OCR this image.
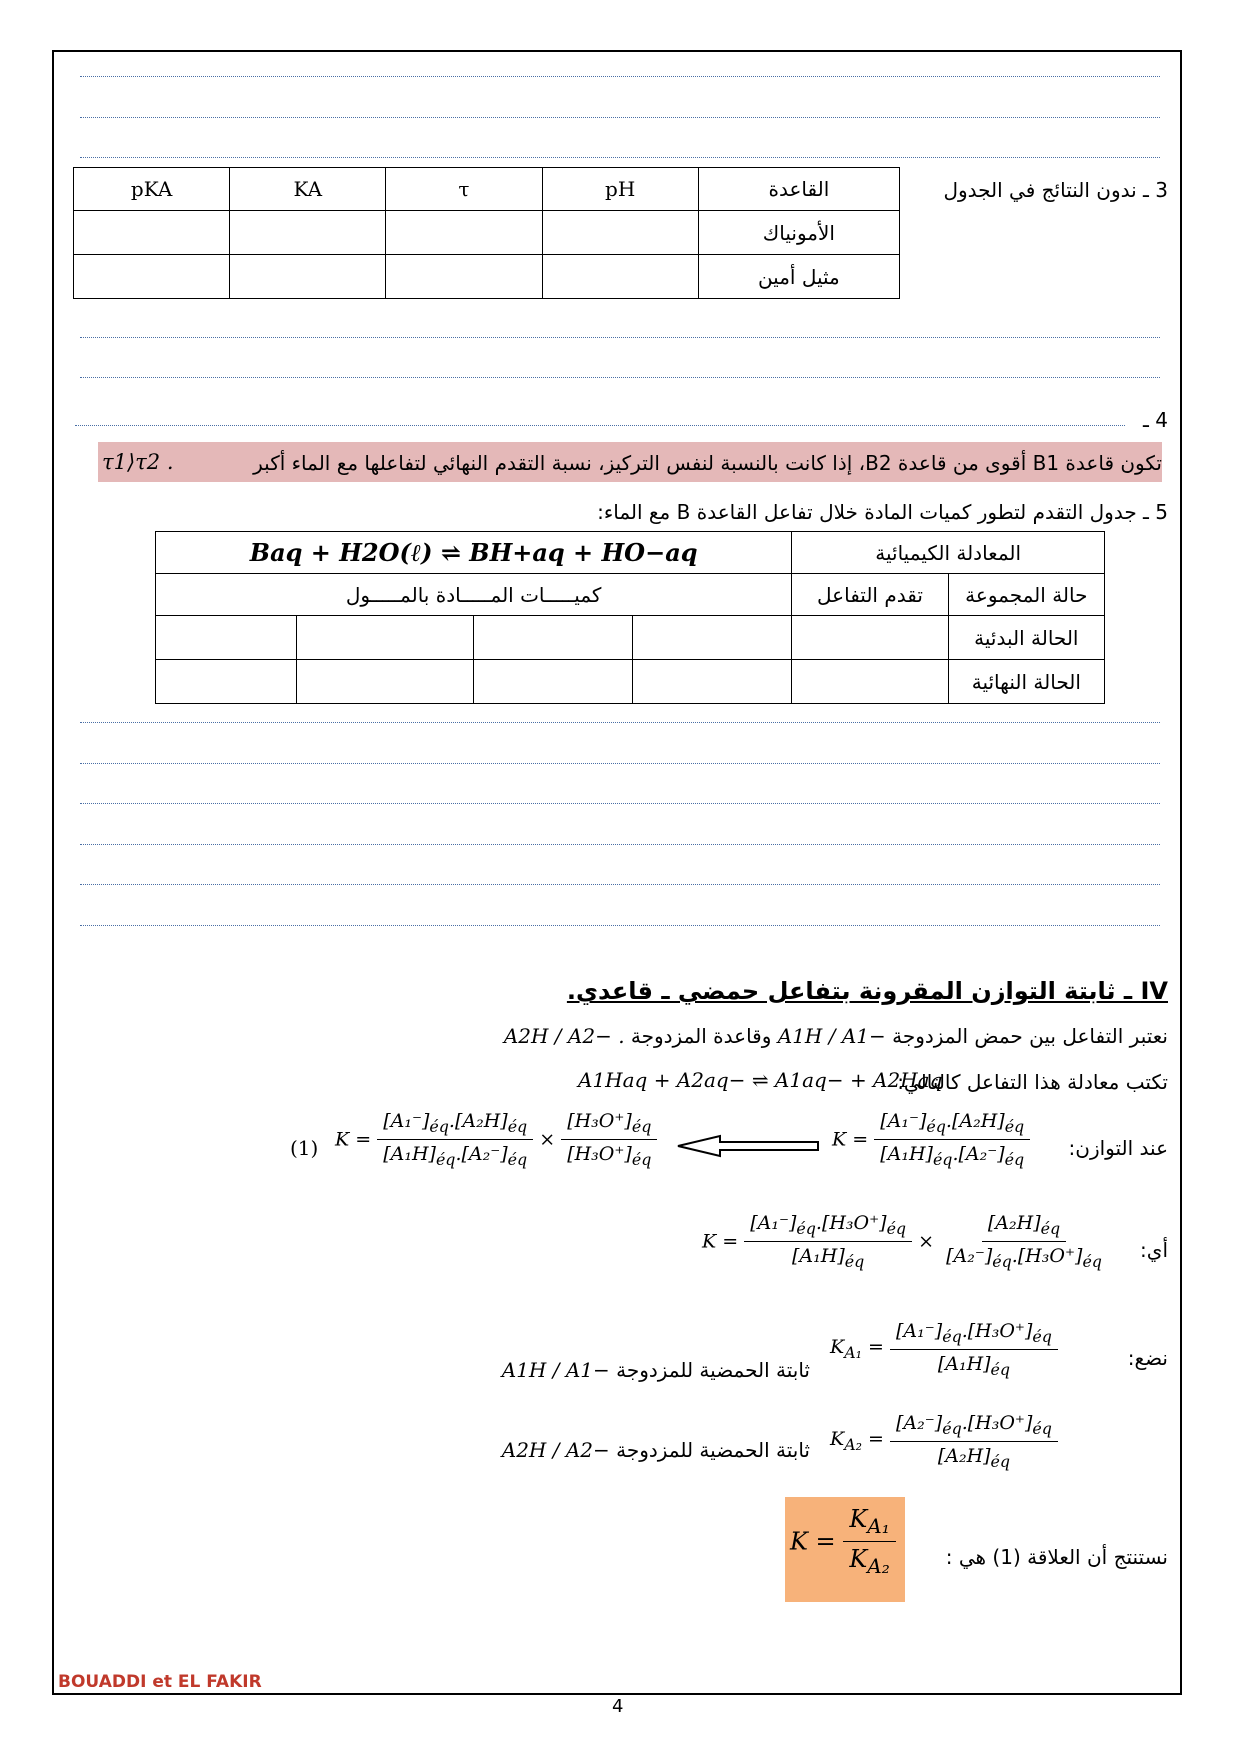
3 ـ ندون النتائج في الجدول
pKA	KA	τ	pH	القاعدة
				الأمونياك
				مثيل أمين
4 ـ
تكون قاعدة B1 أقوى من قاعدة B2، إذا كانت بالنسبة لنفس التركيز، نسبة التقدم النهائي لتفاعلها مع الماء أكبر
τ1⟩τ2 .
5 ـ جدول التقدم لتطور كميات المادة خلال تفاعل القاعدة B مع الماء:
Baq + H2O(ℓ) ⇌ BH+aq + HO−aq				المعادلة الكيميائية	
كميـــــات المـــــادة بالمـــــول				تقدم التفاعل	حالة المجموعة
					الحالة البدئية
					الحالة النهائية
IV ـ ثابتة التوازن المقرونة بتفاعل حمضي ـ قاعدي.
نعتبر التفاعل بين حمض المزدوجة A1H / A1− وقاعدة المزدوجة A2H / A2− .
تكتب معادلة هذا التفاعل كالتالي:
A1Haq + A2aq− ⇌ A1aq− + A2Haq
عند التوازن:
$K = \frac{[A_1^-]_{éq}.[A_2H]_{éq}}{[A_1H]_{éq}.[A_2^-]_{éq}}$
$K = \frac{[A_1^-]_{éq}.[A_2H]_{éq}}{[A_1H]_{éq}.[A_2^-]_{éq}} \times \frac{[H_3O^+]_{éq}}{[H_3O^+]_{éq}}$
(1)
أي:
$K = \frac{[A_1^-]_{éq}.[H_3O^+]_{éq}}{[A_1H]_{éq}} \times \frac{[A_2H]_{éq}}{[A_2^-]_{éq}.[H_3O^+]_{éq}}$
نضع:
$K_{A_1} = \frac{[A_1^-]_{éq}.[H_3O^+]_{éq}}{[A_1H]_{éq}}$
ثابتة الحمضية للمزدوجة A1H / A1−
$K_{A_2} = \frac{[A_2^-]_{éq}.[H_3O^+]_{éq}}{[A_2H]_{éq}}$
ثابتة الحمضية للمزدوجة A2H / A2−
نستنتج أن العلاقة (1) هي :
$K = \frac{K_{A_1}}{K_{A_2}}$
BOUADDI et EL FAKIR
4
